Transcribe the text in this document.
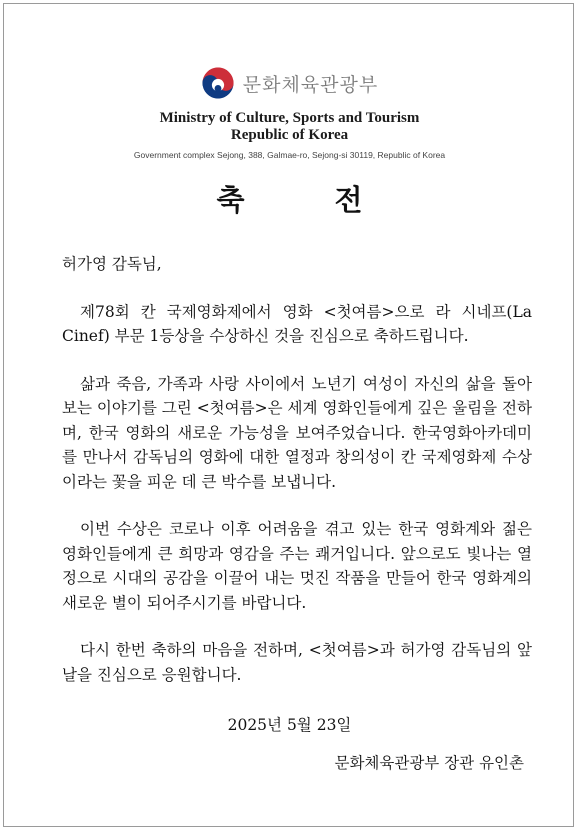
문화체육관광부
Ministry of Culture, Sports and Tourism
Republic of Korea
Government complex Sejong, 388, Galmae-ro, Sejong-si 30119, Republic of Korea
축 전

허가영 감독님,

제78회 칸 국제영화제에서 영화 <첫여름>으로 라 시네프(La Cinef) 부문 1등상을 수상하신 것을 진심으로 축하드립니다.

삶과 죽음, 가족과 사랑 사이에서 노년기 여성이 자신의 삶을 돌아보는 이야기를 그린 <첫여름>은 세계 영화인들에게 깊은 울림을 전하며, 한국 영화의 새로운 가능성을 보여주었습니다. 한국영화아카데미를 만나서 감독님의 영화에 대한 열정과 창의성이 칸 국제영화제 수상이라는 꽃을 피운 데 큰 박수를 보냅니다.

이번 수상은 코로나 이후 어려움을 겪고 있는 한국 영화계와 젊은 영화인들에게 큰 희망과 영감을 주는 쾌거입니다. 앞으로도 빛나는 열정으로 시대의 공감을 이끌어 내는 멋진 작품을 만들어 한국 영화계의 새로운 별이 되어주시기를 바랍니다.

다시 한번 축하의 마음을 전하며, <첫여름>과 허가영 감독님의 앞날을 진심으로 응원합니다.

2025년 5월 23일
문화체육관광부 장관 유인촌
